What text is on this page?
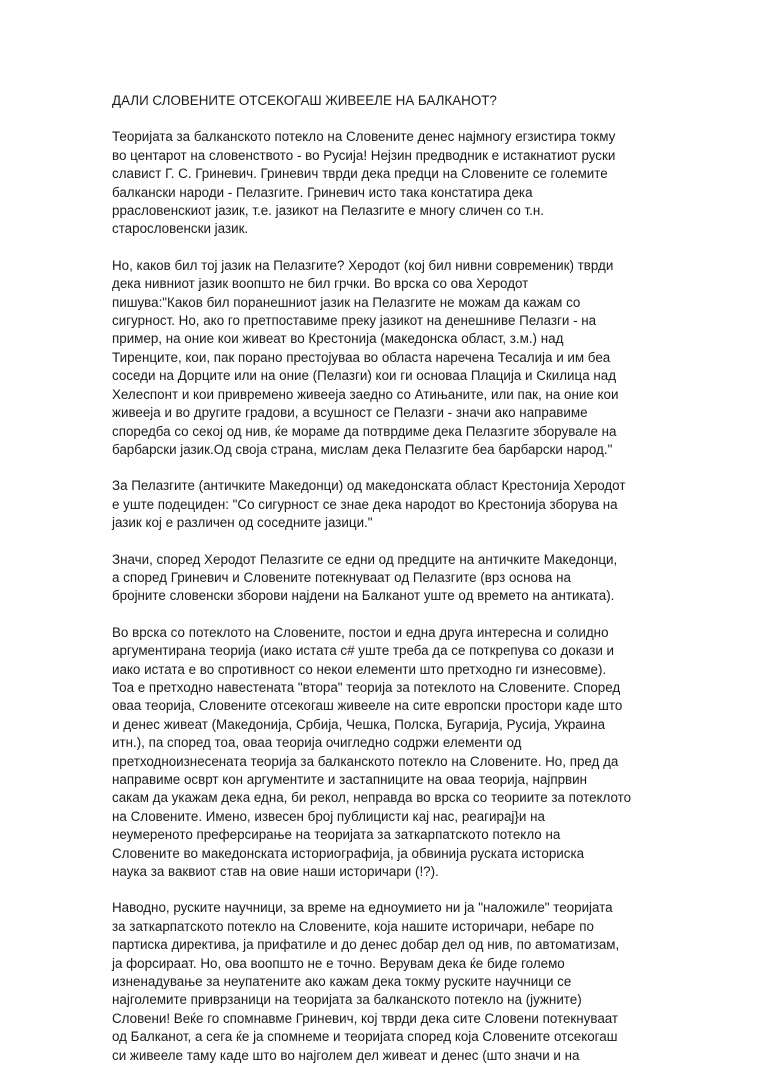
ДАЛИ СЛОВЕНИТЕ ОТСЕКОГАШ ЖИВЕЕЛЕ НА БАЛКАНОТ?
Теоријата за балканското потекло на Словените денес најмногу егзистира токму
во центарот на словенството - во Русија! Нејзин предводник е истакнатиот руски
славист Г. С. Гриневич. Гриневич тврди дека предци на Словените се големите
балкански народи - Пелазгите. Гриневич исто така констатира дека
pраслoвенскиот јазик, т.е. јазикот на Пелазгите е многу сличен со т.н.
старословенски јазик.
Но, каков бил тој јазик на Пелазгите? Херодот (кој бил нивни современик) тврди
дека нивниот јазик воопшто не бил грчки. Во врска со ова Херодот
пишува:"Каков бил поранешниот јазик на Пелазгите не можам да кажам со
сигурност. Но, ако го претпоставиме преку јазикот на денешниве Пелазги - на
пример, на оние кои живеат во Крестонија (македонска област, з.м.) над
Тиренците, кои, пак порано престојуваа во областа наречена Тесалија и им беа
соседи на Дорците или на оние (Пелазги) кои ги основаа Плацијa и Скилица над
Хелеспонт и кои привремено живееја заедно со Атињаните, или пак, на оние кои
живееја и во другите градови, а всушност се Пелазги - значи ако направиме
споредба со секој од нив, ќе мораме да потврдиме дека Пелазгите зборувале на
барбарски јазик.Од своја страна, мислам дека Пелазгите беа барбарски народ."
За Пелазгите (античките Македонци) од македонската област Крестонија Херодот
е уште подециден: "Со сигурност се знае дека народот во Крестонија зборува на
јазик кој е различен од соседните јазици."
Значи, според Херодот Пелазгите се едни од предците на античките Македонци,
а според Гриневич и Словените потекнуваат од Пелазгите (врз основа на
бројните словенски зборови најдени на Балканот уште од времето на антиката).
Во врска со потеклото на Словените, постои и една друга интересна и солидно
аргументирана теорија (иако истата с# уште треба да се поткрепува со докази и
иако истата е во спротивност со некои елементи што претходно ги изнесовме).
Тоа е претходно навестената "втора" теорија за потеклото на Словените. Според
оваа теорија, Словените отсекогаш живееле на сите европски простори каде што
и денес живеат (Македонија, Србија, Чешка, Полска, Бугарија, Русија, Украина
итн.), па според тоа, оваа теорија очигледно содржи елементи од
претходноизнесената теорија за балканското потекло на Словените. Но, пред да
направиме осврт кон аргументите и застапниците на оваа теорија, најпрвин
сакам да укажам дека една, би рекол, неправда во врска со теориите за потеклото
на Словените. Имено, извесен број публицисти кај нас, реагираj}и на
неумереното преферсирање на теоријата за заткарпатското потекло на
Словените во македонската историографија, ја обвинија руската историска
наука за ваквиот став на овие наши историчари (!?).
Наводно, руските научници, за време на едноумието ни ја "наложиле" теоријата
за заткарпатското потекло на Словените, која нашите историчари, небаре по
партиска директива, ја прифатиле и до денес добар дел од нив, по автоматизам,
ја форсираат. Но, ова воопшто не е точно. Верувам дека ќе биде големо
изненадување за неупатените ако кажам дека токму руските научници се
најголемите приврзаници на теоријата за балканското потекло на (јужните)
Словени! Веќе го спомнавме Гриневич, кој тврди дека сите Словени потекнуваат
од Балканот, а сега ќе ја спомнеме и теоријата според која Словените отсекогаш
си живееле таму каде што во најголем дел живеат и денес (што значи и на
